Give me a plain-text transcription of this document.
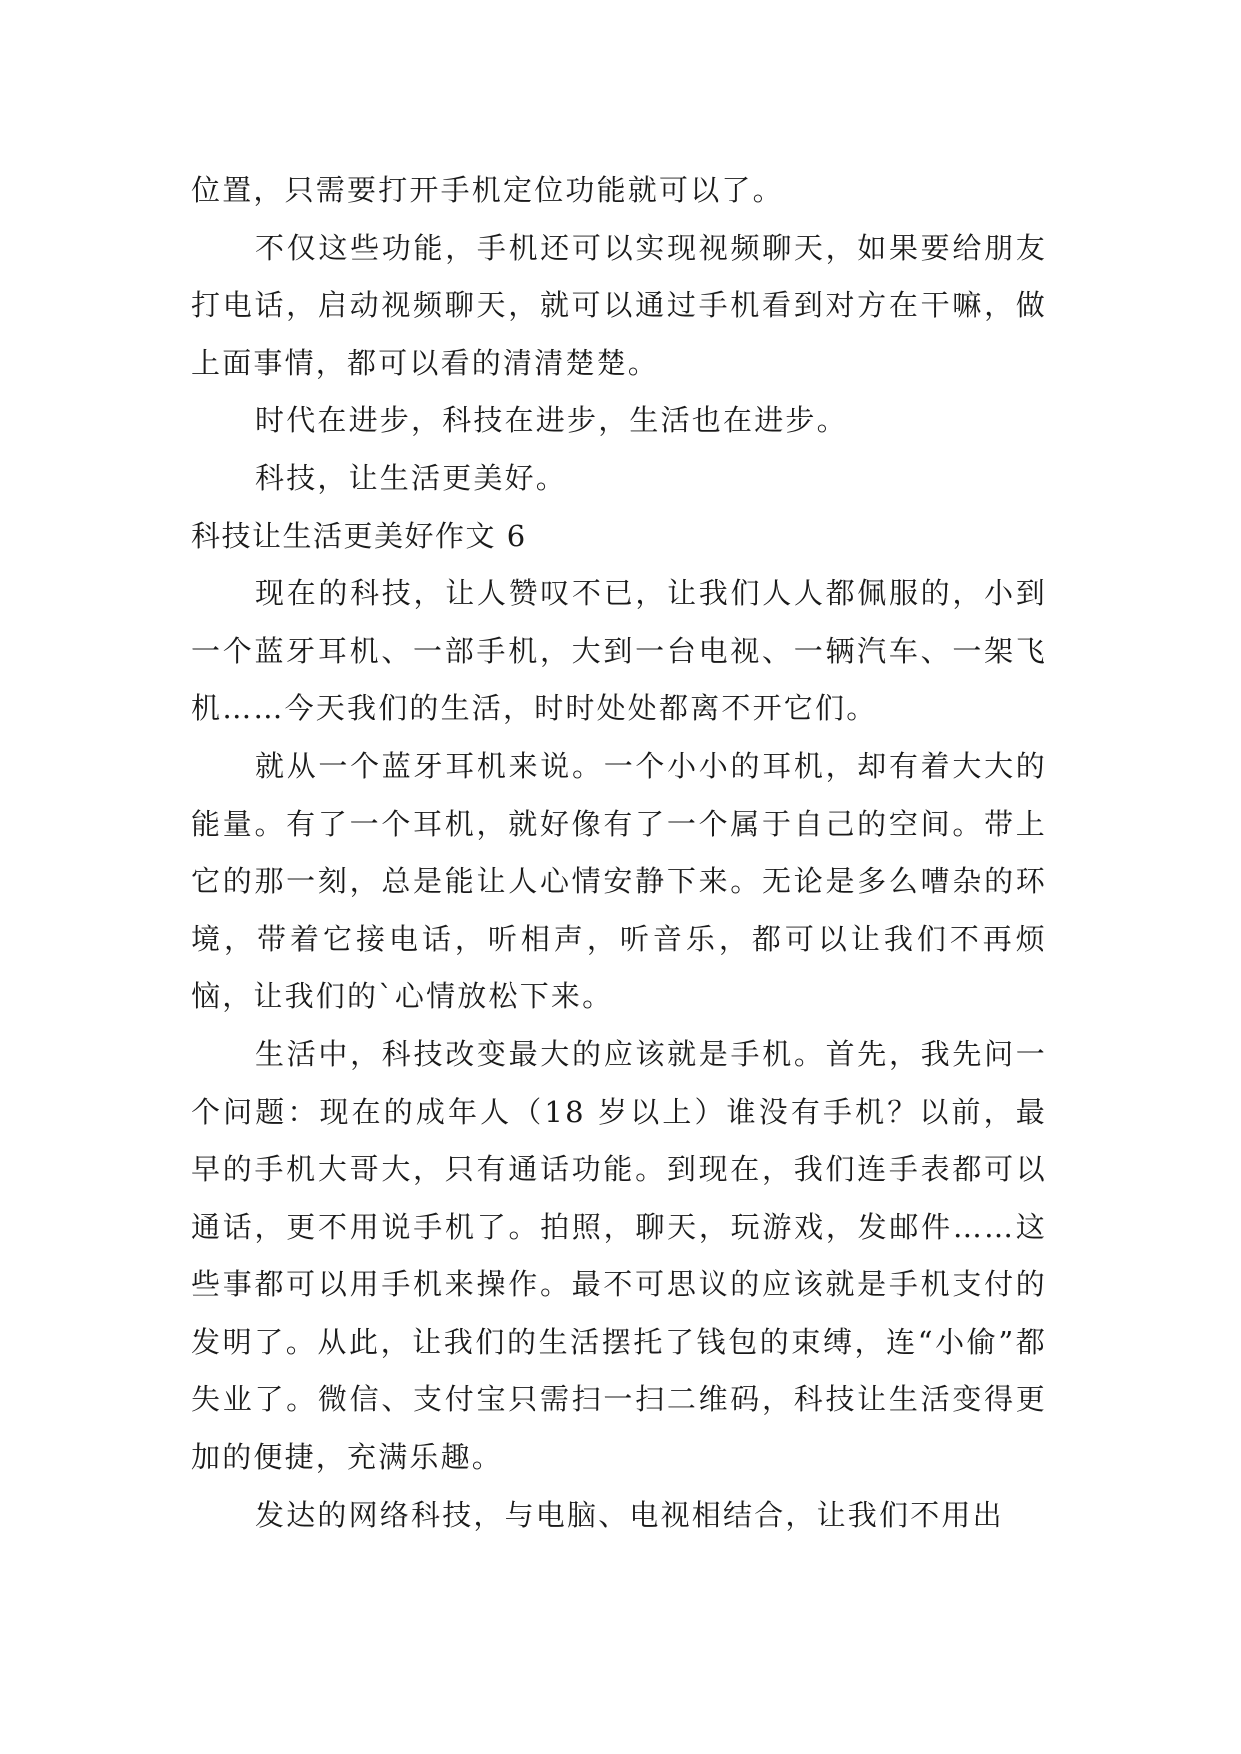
位置，只需要打开手机定位功能就可以了。

不仅这些功能，手机还可以实现视频聊天，如果要给朋友打电话，启动视频聊天，就可以通过手机看到对方在干嘛，做上面事情，都可以看的清清楚楚。

时代在进步，科技在进步，生活也在进步。

科技，让生活更美好。

科技让生活更美好作文 6

现在的科技，让人赞叹不已，让我们人人都佩服的，小到一个蓝牙耳机、一部手机，大到一台电视、一辆汽车、一架飞机……今天我们的生活，时时处处都离不开它们。

就从一个蓝牙耳机来说。一个小小的耳机，却有着大大的能量。有了一个耳机，就好像有了一个属于自己的空间。带上它的那一刻，总是能让人心情安静下来。无论是多么嘈杂的环境，带着它接电话，听相声，听音乐，都可以让我们不再烦恼，让我们的`心情放松下来。

生活中，科技改变最大的应该就是手机。首先，我先问一个问题：现在的成年人（18 岁以上）谁没有手机？以前，最早的手机大哥大，只有通话功能。到现在，我们连手表都可以通话，更不用说手机了。拍照，聊天，玩游戏，发邮件……这些事都可以用手机来操作。最不可思议的应该就是手机支付的发明了。从此，让我们的生活摆托了钱包的束缚，连“小偷”都失业了。微信、支付宝只需扫一扫二维码，科技让生活变得更加的便捷，充满乐趣。

发达的网络科技，与电脑、电视相结合，让我们不用出
